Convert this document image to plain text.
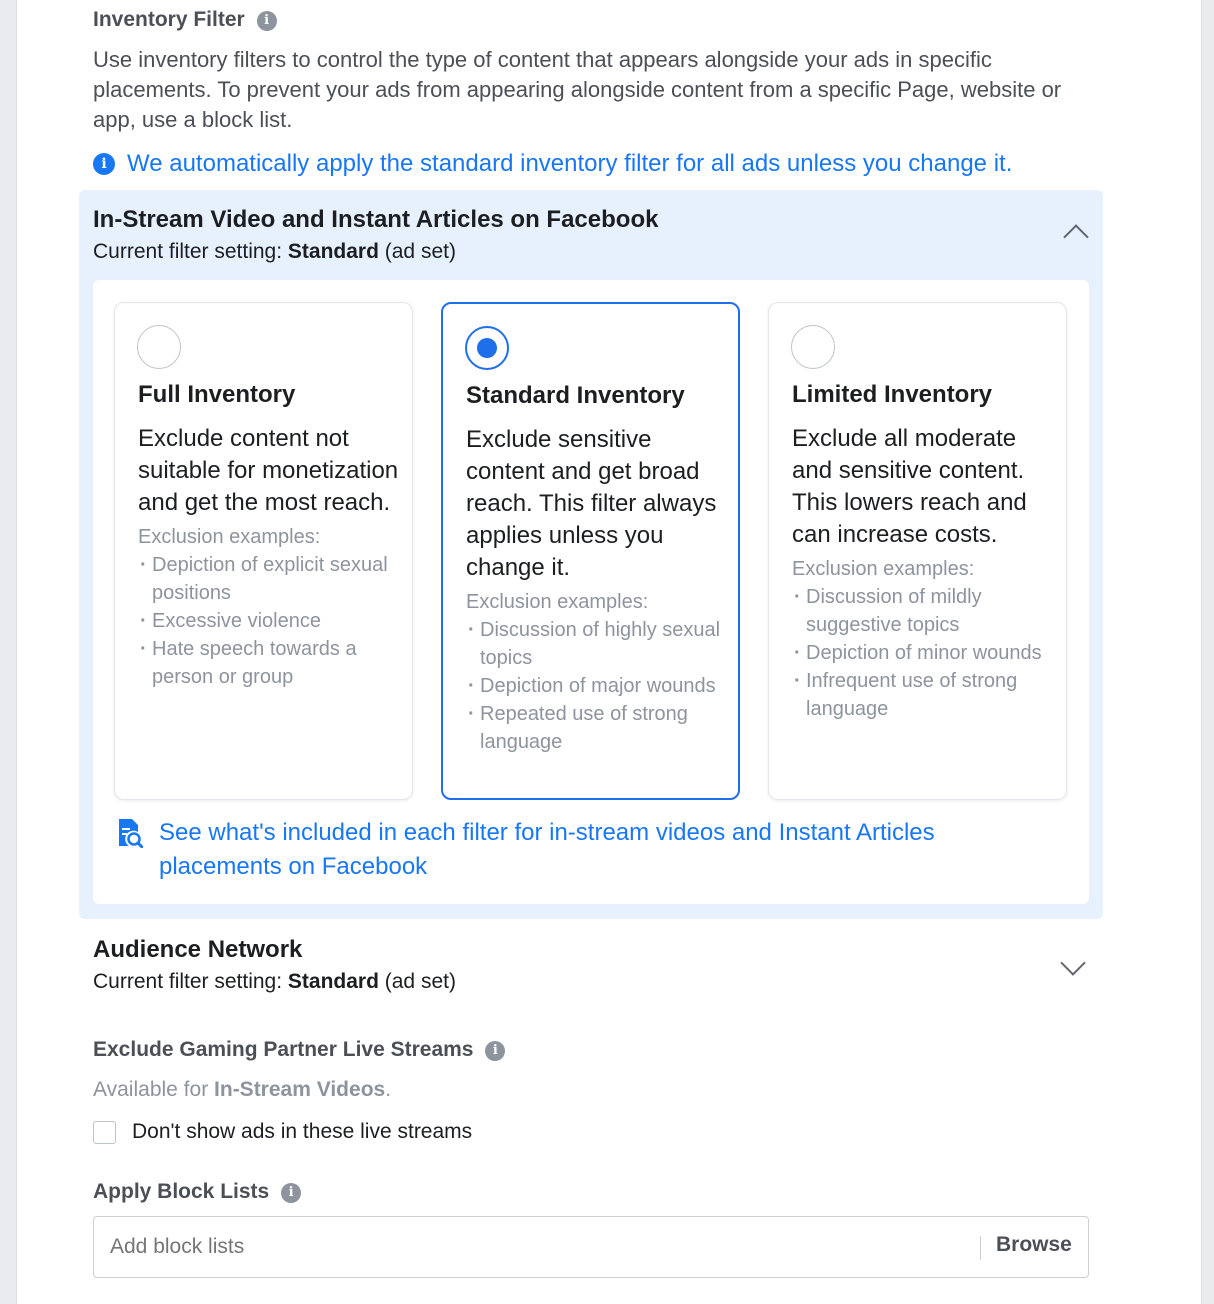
Inventory Filter i
Use inventory filters to control the type of content that appears alongside your ads in specific placements. To prevent your ads from appearing alongside content from a specific Page, website or app, use a block list.
i We automatically apply the standard inventory filter for all ads unless you change it.
In-Stream Video and Instant Articles on Facebook
Current filter setting: Standard (ad set)
Full Inventory
Exclude content not suitable for monetization and get the most reach.
Exclusion examples:
· Depiction of explicit sexual positions
· Excessive violence
· Hate speech towards a person or group
Standard Inventory
Exclude sensitive content and get broad reach. This filter always applies unless you change it.
Exclusion examples:
· Discussion of highly sexual topics
· Depiction of major wounds
· Repeated use of strong language
Limited Inventory
Exclude all moderate and sensitive content. This lowers reach and can increase costs.
Exclusion examples:
· Discussion of mildly suggestive topics
· Depiction of minor wounds
· Infrequent use of strong language
See what's included in each filter for in-stream videos and Instant Articles placements on Facebook
Audience Network
Current filter setting: Standard (ad set)
Exclude Gaming Partner Live Streams i
Available for In-Stream Videos.
Don't show ads in these live streams
Apply Block Lists i
Add block lists
Browse
